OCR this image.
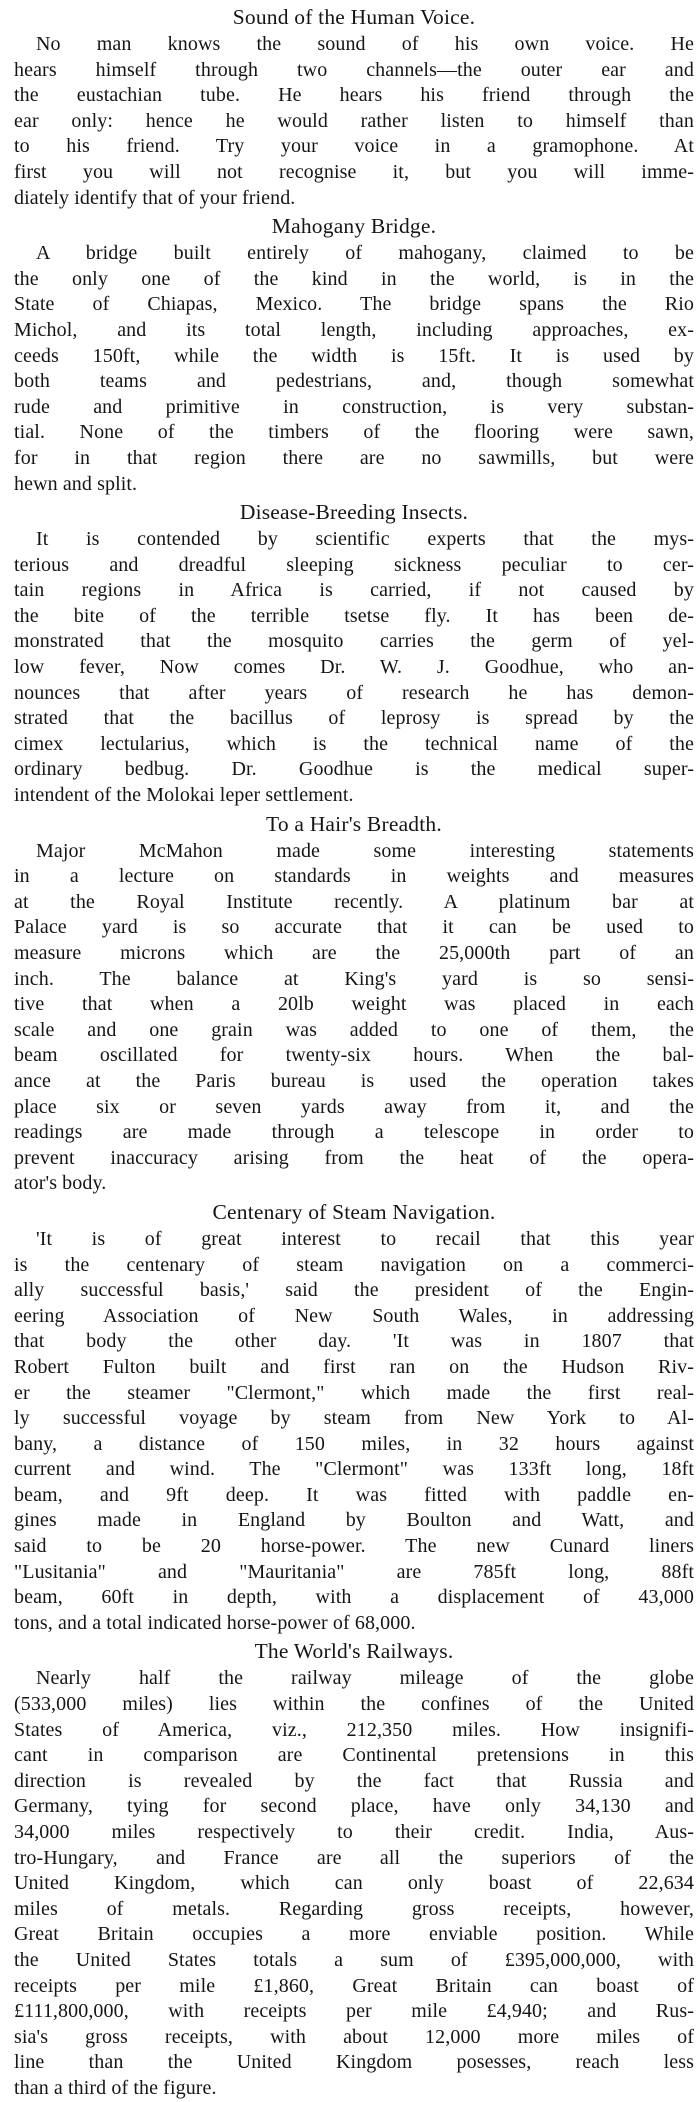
Sound of the Human Voice.
No man knows the sound of his own voice. He
hears himself through two channels—the outer ear and
the eustachian tube. He hears his friend through the
ear only: hence he would rather listen to himself than
to his friend. Try your voice in a gramophone. At
first you will not recognise it, but you will imme-
diately identify that of your friend.
Mahogany Bridge.
A bridge built entirely of mahogany, claimed to be
the only one of the kind in the world, is in the
State of Chiapas, Mexico. The bridge spans the Rio
Michol, and its total length, including approaches, ex-
ceeds 150ft, while the width is 15ft. It is used by
both teams and pedestrians, and, though somewhat
rude and primitive in construction, is very substan-
tial. None of the timbers of the flooring were sawn,
for in that region there are no sawmills, but were
hewn and split.
Disease-Breeding Insects.
It is contended by scientific experts that the mys-
terious and dreadful sleeping sickness peculiar to cer-
tain regions in Africa is carried, if not caused by
the bite of the terrible tsetse fly. It has been de-
monstrated that the mosquito carries the germ of yel-
low fever, Now comes Dr. W. J. Goodhue, who an-
nounces that after years of research he has demon-
strated that the bacillus of leprosy is spread by the
cimex lectularius, which is the technical name of the
ordinary bedbug. Dr. Goodhue is the medical super-
intendent of the Molokai leper settlement.
To a Hair's Breadth.
Major McMahon made some interesting statements
in a lecture on standards in weights and measures
at the Royal Institute recently. A platinum bar at
Palace yard is so accurate that it can be used to
measure microns which are the 25,000th part of an
inch. The balance at King's yard is so sensi-
tive that when a 20lb weight was placed in each
scale and one grain was added to one of them, the
beam oscillated for twenty-six hours. When the bal-
ance at the Paris bureau is used the operation takes
place six or seven yards away from it, and the
readings are made through a telescope in order to
prevent inaccuracy arising from the heat of the opera-
ator's body.
Centenary of Steam Navigation.
'It is of great interest to recail that this year
is the centenary of steam navigation on a commerci-
ally successful basis,' said the president of the Engin-
eering Association of New South Wales, in addressing
that body the other day. 'It was in 1807 that
Robert Fulton built and first ran on the Hudson Riv-
er the steamer "Clermont," which made the first real-
ly successful voyage by steam from New York to Al-
bany, a distance of 150 miles, in 32 hours against
current and wind. The "Clermont" was 133ft long, 18ft
beam, and 9ft deep. It was fitted with paddle en-
gines made in England by Boulton and Watt, and
said to be 20 horse-power. The new Cunard liners
"Lusitania" and "Mauritania" are 785ft long, 88ft
beam, 60ft in depth, with a displacement of 43,000
tons, and a total indicated horse-power of 68,000.
The World's Railways.
Nearly half the railway mileage of the globe
(533,000 miles) lies within the confines of the United
States of America, viz., 212,350 miles. How insignifi-
cant in comparison are Continental pretensions in this
direction is revealed by the fact that Russia and
Germany, tying for second place, have only 34,130 and
34,000 miles respectively to their credit. India, Aus-
tro-Hungary, and France are all the superiors of the
United Kingdom, which can only boast of 22,634
miles of metals. Regarding gross receipts, however,
Great Britain occupies a more enviable position. While
the United States totals a sum of £395,000,000, with
receipts per mile £1,860, Great Britain can boast of
£111,800,000, with receipts per mile £4,940; and Rus-
sia's gross receipts, with about 12,000 more miles of
line than the United Kingdom posesses, reach less
than a third of the figure.
